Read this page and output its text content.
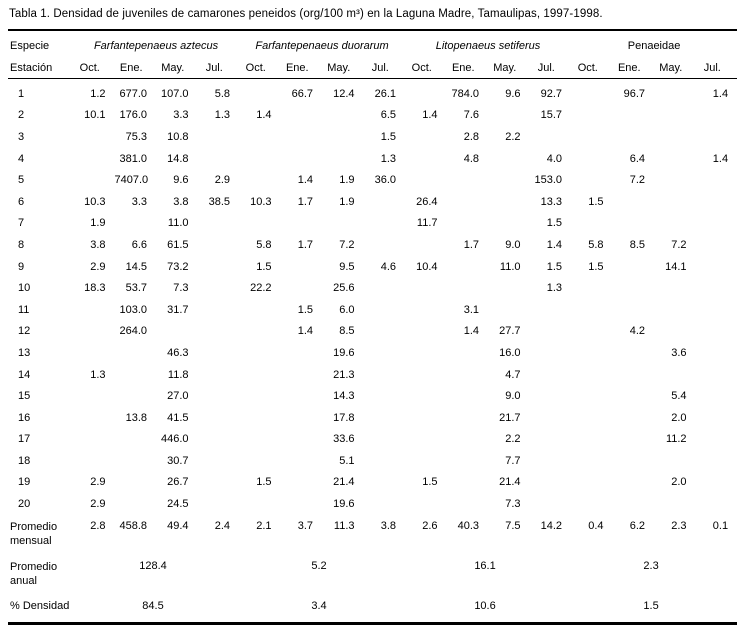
Tabla 1. Densidad de juveniles de camarones peneidos (org/100 m³) en la Laguna Madre, Tamaulipas, 1997-1998.
Especie	Farfantepenaeus aztecus				Farfantepenaeus duorarum				Litopenaeus setiferus				Penaeidae			
Estación	Oct.	Ene.	May.	Jul.	Oct.	Ene.	May.	Jul.	Oct.	Ene.	May.	Jul.	Oct.	Ene.	May.	Jul.
1	1.2	677.0	107.0	5.8		66.7	12.4	26.1		784.0	9.6	92.7		96.7		1.4
2	10.1	176.0	3.3	1.3	1.4			6.5	1.4	7.6		15.7				
3		75.3	10.8					1.5		2.8	2.2					
4		381.0	14.8					1.3		4.8		4.0		6.4		1.4
5		7407.0	9.6	2.9		1.4	1.9	36.0				153.0		7.2		
6	10.3	3.3	3.8	38.5	10.3	1.7	1.9		26.4			13.3	1.5			
7	1.9		11.0						11.7			1.5				
8	3.8	6.6	61.5		5.8	1.7	7.2			1.7	9.0	1.4	5.8	8.5	7.2	
9	2.9	14.5	73.2		1.5		9.5	4.6	10.4		11.0	1.5	1.5		14.1	
10	18.3	53.7	7.3		22.2		25.6					1.3				
11		103.0	31.7			1.5	6.0			3.1						
12		264.0				1.4	8.5			1.4	27.7			4.2		
13			46.3				19.6				16.0				3.6	
14	1.3		11.8				21.3				4.7					
15			27.0				14.3				9.0				5.4	
16		13.8	41.5				17.8				21.7				2.0	
17			446.0				33.6				2.2				11.2	
18			30.7				5.1				7.7					
19	2.9		26.7		1.5		21.4		1.5		21.4				2.0	
20	2.9		24.5				19.6				7.3					

Promedio
mensual	2.8	458.8	49.4	2.4	2.1	3.7	11.3	3.8	2.6	40.3	7.5	14.2	0.4	6.2	2.3	0.1

Promedio
anual	128.4				5.2				16.1				2.3			
% Densidad	84.5				3.4				10.6				1.5			
